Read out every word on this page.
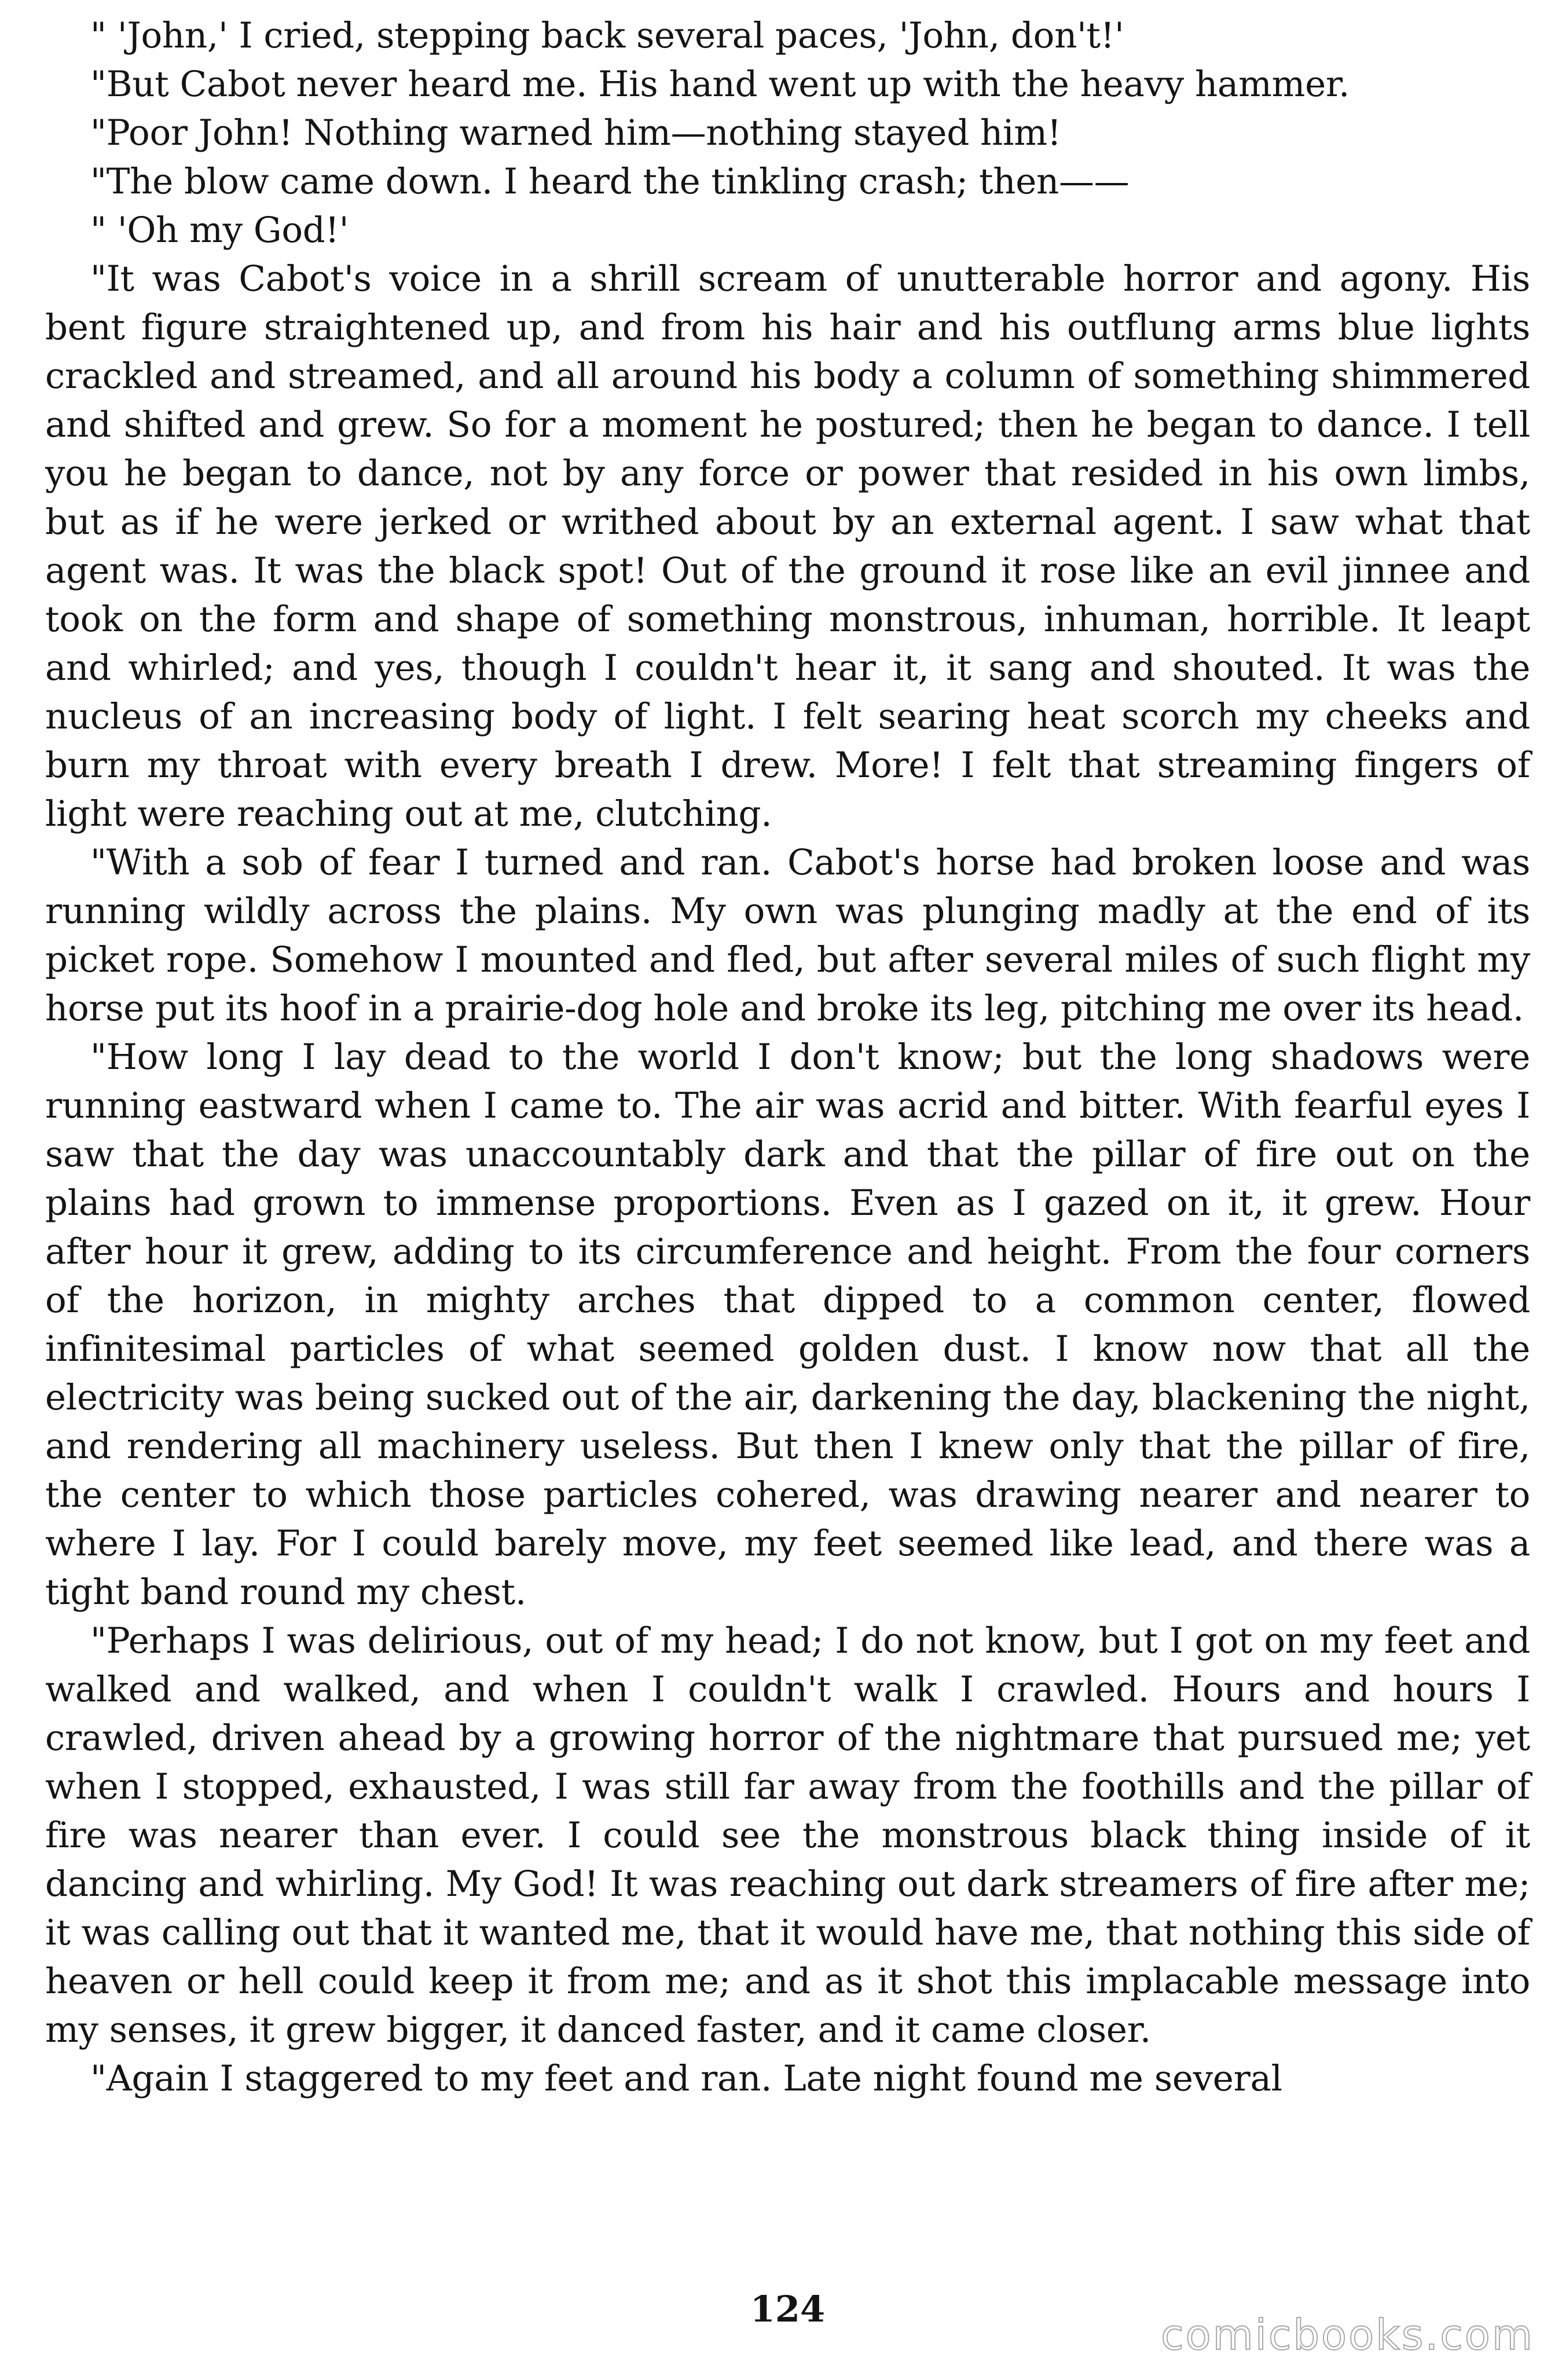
" 'John,' I cried, stepping back several paces, 'John, don't!'

"But Cabot never heard me. His hand went up with the heavy hammer.

"Poor John! Nothing warned him—nothing stayed him!

"The blow came down. I heard the tinkling crash; then——

" 'Oh my God!'

"It was Cabot's voice in a shrill scream of unutterable horror and agony. His bent figure straightened up, and from his hair and his outflung arms blue lights crackled and streamed, and all around his body a column of something shimmered and shifted and grew. So for a moment he postured; then he began to dance. I tell you he began to dance, not by any force or power that resided in his own limbs, but as if he were jerked or writhed about by an external agent. I saw what that agent was. It was the black spot! Out of the ground it rose like an evil jinnee and took on the form and shape of something monstrous, inhuman, horrible. It leapt and whirled; and yes, though I couldn't hear it, it sang and shouted. It was the nucleus of an increasing body of light. I felt searing heat scorch my cheeks and burn my throat with every breath I drew. More! I felt that streaming fingers of light were reaching out at me, clutching.

"With a sob of fear I turned and ran. Cabot's horse had broken loose and was running wildly across the plains. My own was plunging madly at the end of its picket rope. Somehow I mounted and fled, but after several miles of such flight my horse put its hoof in a prairie-dog hole and broke its leg, pitching me over its head.

"How long I lay dead to the world I don't know; but the long shadows were running eastward when I came to. The air was acrid and bitter. With fearful eyes I saw that the day was unaccountably dark and that the pillar of fire out on the plains had grown to immense proportions. Even as I gazed on it, it grew. Hour after hour it grew, adding to its circumference and height. From the four corners of the horizon, in mighty arches that dipped to a common center, flowed infinitesimal particles of what seemed golden dust. I know now that all the electricity was being sucked out of the air, darkening the day, blackening the night, and rendering all machinery useless. But then I knew only that the pillar of fire, the center to which those particles cohered, was drawing nearer and nearer to where I lay. For I could barely move, my feet seemed like lead, and there was a tight band round my chest.

"Perhaps I was delirious, out of my head; I do not know, but I got on my feet and walked and walked, and when I couldn't walk I crawled. Hours and hours I crawled, driven ahead by a growing horror of the nightmare that pursued me; yet when I stopped, exhausted, I was still far away from the foothills and the pillar of fire was nearer than ever. I could see the monstrous black thing inside of it dancing and whirling. My God! It was reaching out dark streamers of fire after me; it was calling out that it wanted me, that it would have me, that nothing this side of heaven or hell could keep it from me; and as it shot this implacable message into my senses, it grew bigger, it danced faster, and it came closer.

"Again I staggered to my feet and ran. Late night found me several

124
comicbooks.com
